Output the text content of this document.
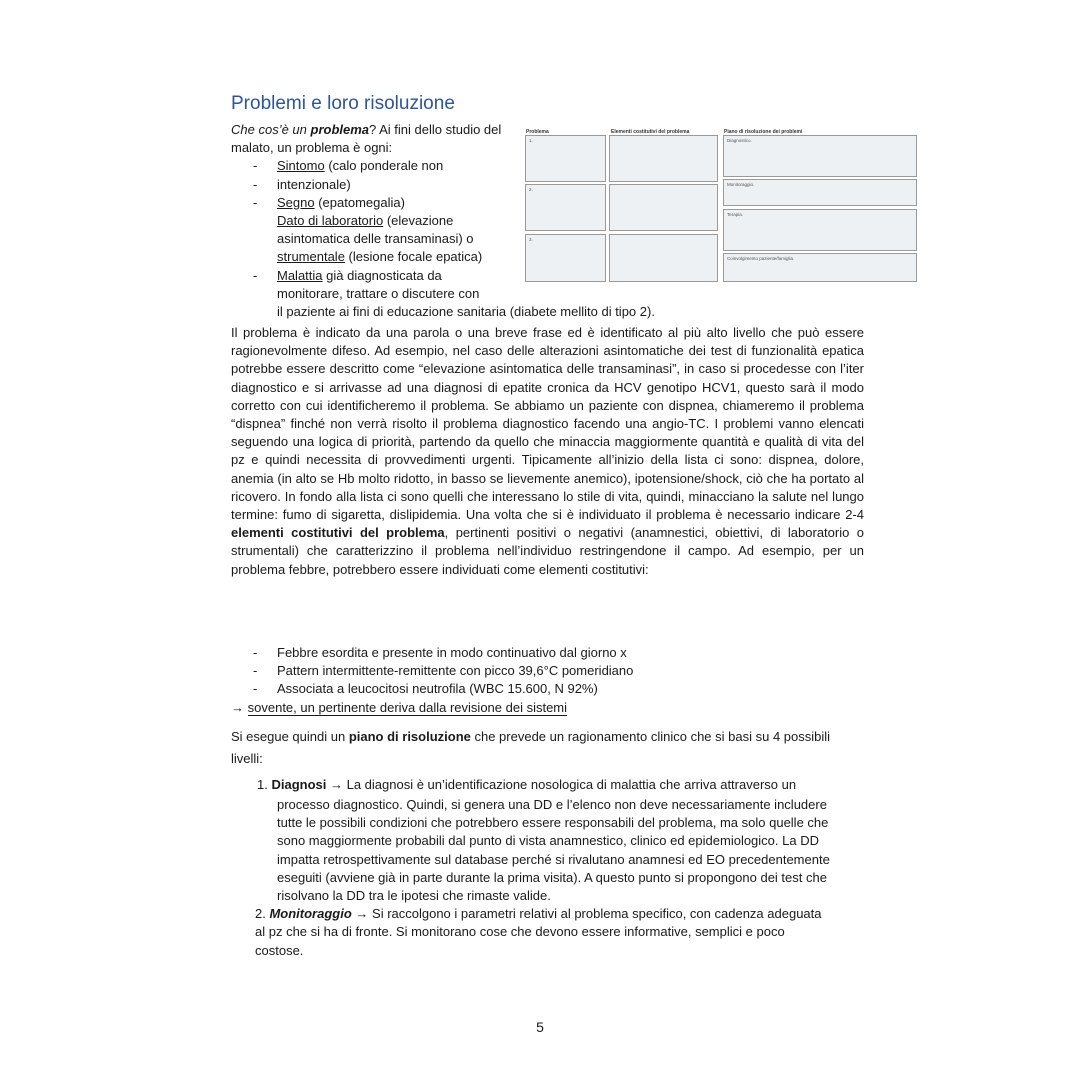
Problemi e loro risoluzione

Che cos’è un problema? Ai fini dello studio del malato, un problema è ogni:

- Sintomo (calo ponderale non
- intenzionale)
- Segno (epatomegalia)
Dato di laboratorio (elevazione
asintomatica delle transaminasi) o
strumentale (lesione focale epatica)
- Malattia già diagnosticata da
monitorare, trattare o discutere con
il paziente ai fini di educazione sanitaria (diabete mellito di tipo 2).
Problema	Elementi costitutivi del problema	Piano di risoluzione dei problemi
1.
2.
3.
Diagnostico.
Monitoraggio.
Terapia.
Coinvolgimento paziente/famiglia.

Il problema è indicato da una parola o una breve frase ed è identificato al più alto livello che può essere ragionevolmente difeso. Ad esempio, nel caso delle alterazioni asintomatiche dei test di funzionalità epatica potrebbe essere descritto come “elevazione asintomatica delle transaminasi”, in caso si procedesse con l’iter diagnostico e si arrivasse ad una diagnosi di epatite cronica da HCV genotipo HCV1, questo sarà il modo corretto con cui identificheremo il problema. Se abbiamo un paziente con dispnea, chiameremo il problema “dispnea” finché non verrà risolto il problema diagnostico facendo una angio-TC. I problemi vanno elencati seguendo una logica di priorità, partendo da quello che minaccia maggiormente quantità e qualità di vita del pz e quindi necessita di provvedimenti urgenti. Tipicamente all’inizio della lista ci sono: dispnea, dolore, anemia (in alto se Hb molto ridotto, in basso se lievemente anemico), ipotensione/shock, ciò che ha portato al ricovero. In fondo alla lista ci sono quelli che interessano lo stile di vita, quindi, minacciano la salute nel lungo termine: fumo di sigaretta, dislipidemia. Una volta che si è individuato il problema è necessario indicare 2-4 elementi costitutivi del problema, pertinenti positivi o negativi (anamnestici, obiettivi, di laboratorio o strumentali) che caratterizzino il problema nell’individuo restringendone il campo. Ad esempio, per un problema febbre, potrebbero essere individuati come elementi costitutivi:

- Febbre esordita e presente in modo continuativo dal giorno x
- Pattern intermittente-remittente con picco 39,6°C pomeridiano
- Associata a leucocitosi neutrofila (WBC 15.600, N 92%)
→ sovente, un pertinente deriva dalla revisione dei sistemi

Si esegue quindi un piano di risoluzione che prevede un ragionamento clinico che si basi su 4 possibili livelli:

1. Diagnosi → La diagnosi è un’identificazione nosologica di malattia che arriva attraverso un
processo diagnostico. Quindi, si genera una DD e l’elenco non deve necessariamente includere tutte le possibili condizioni che potrebbero essere responsabili del problema, ma solo quelle che sono maggiormente probabili dal punto di vista anamnestico, clinico ed epidemiologico. La DD impatta retrospettivamente sul database perché si rivalutano anamnesi ed EO precedentemente eseguiti (avviene già in parte durante la prima visita). A questo punto si propongono dei test che risolvano la DD tra le ipotesi che rimaste valide.
2. Monitoraggio → Si raccolgono i parametri relativi al problema specifico, con cadenza adeguata al pz che si ha di fronte. Si monitorano cose che devono essere informative, semplici e poco costose.
5
